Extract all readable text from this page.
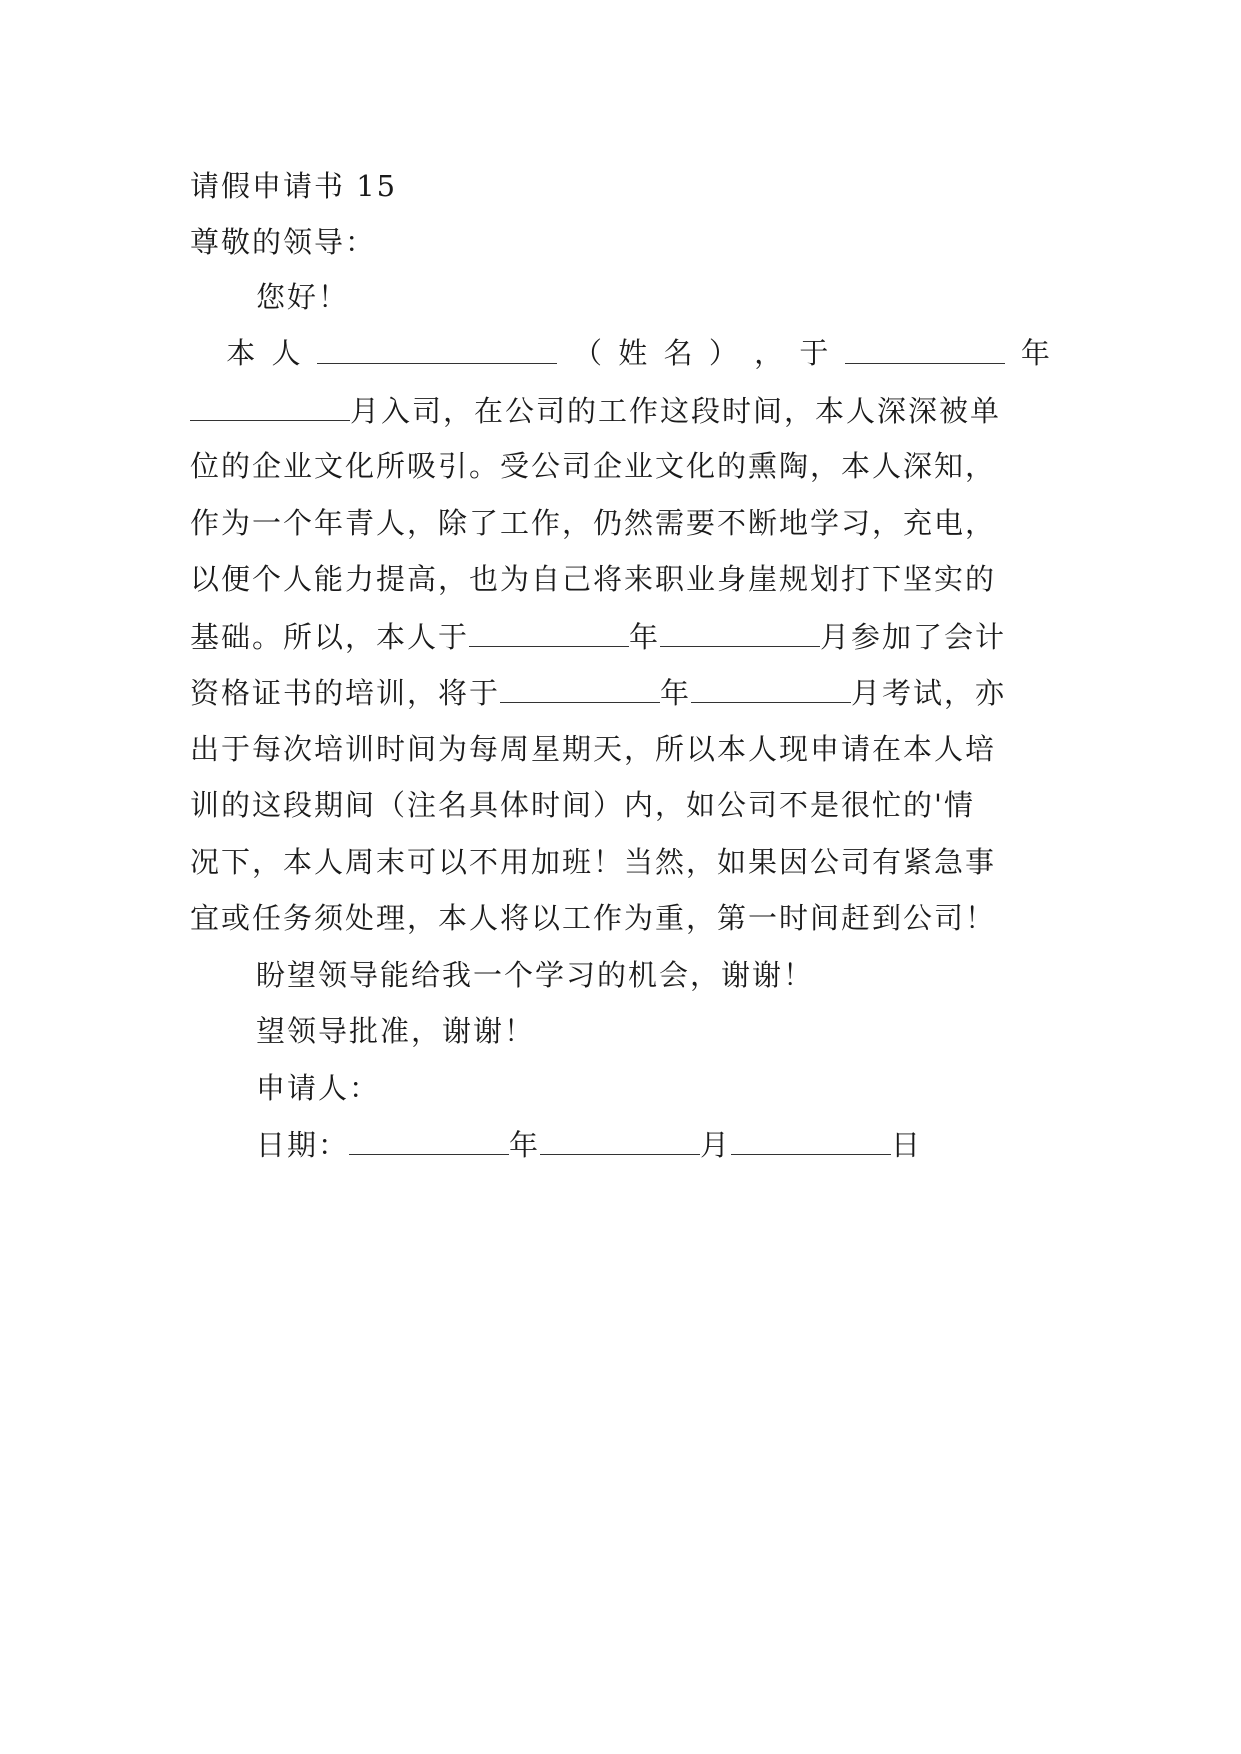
请假申请书 15
尊敬的领导：
您好！
本 人	（ 姓 名 ） ， 于	年
月入司，在公司的工作这段时间，本人深深被单
位的企业文化所吸引。受公司企业文化的熏陶，本人深知，
作为一个年青人，除了工作，仍然需要不断地学习，充电，
以便个人能力提高，也为自己将来职业身崖规划打下坚实的
基础。所以，本人于	年	月参加了会计
资格证书的培训，将于	年	月考试，亦
出于每次培训时间为每周星期天，所以本人现申请在本人培
训的这段期间（注名具体时间）内，如公司不是很忙的'情
况下，本人周末可以不用加班！当然，如果因公司有紧急事
宜或任务须处理，本人将以工作为重，第一时间赶到公司！
盼望领导能给我一个学习的机会，谢谢！
望领导批准，谢谢！
申请人：
日期：	年	月	日
